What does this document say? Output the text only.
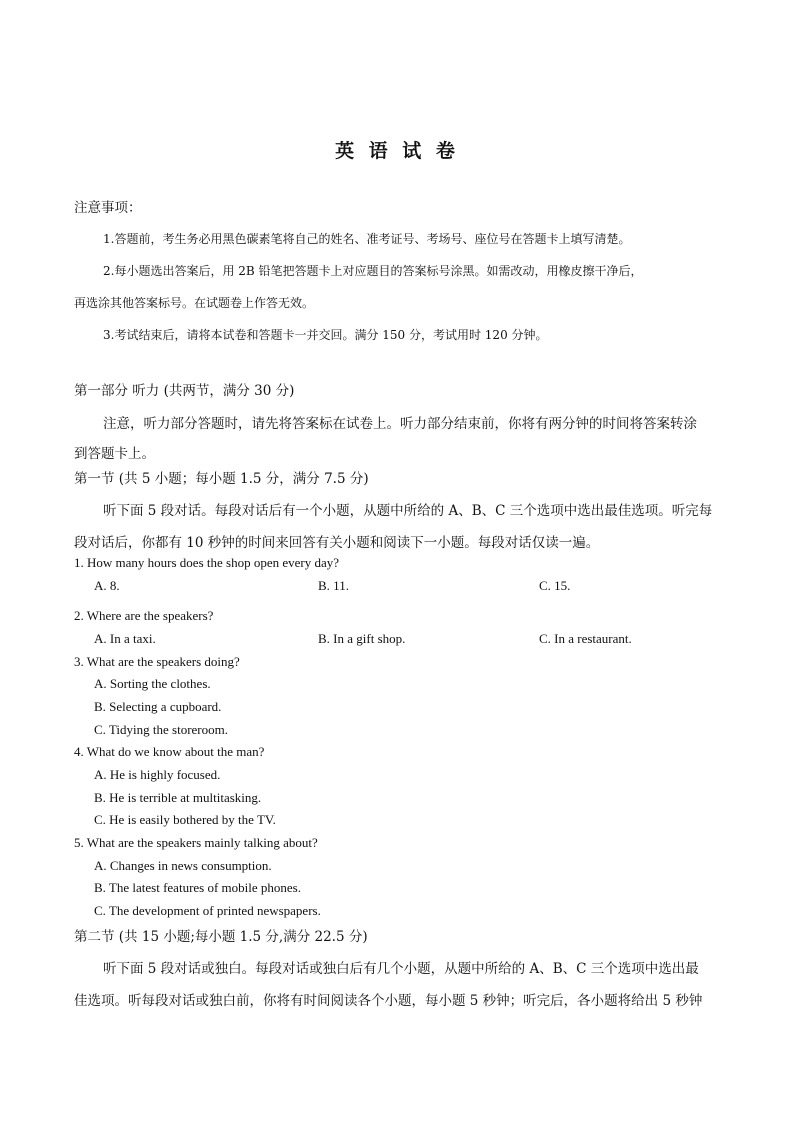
英 语 试 卷
注意事项：
1.答题前，考生务必用黑色碳素笔将自己的姓名、准考证号、考场号、座位号在答题卡上填写清楚。
2.每小题选出答案后，用 2B 铅笔把答题卡上对应题目的答案标号涂黑。如需改动，用橡皮擦干净后，
再选涂其他答案标号。在试题卷上作答无效。
3.考试结束后，请将本试卷和答题卡一并交回。满分 150 分，考试用时 120 分钟。
第一部分 听力 (共两节，满分 30 分)
注意，听力部分答题时，请先将答案标在试卷上。听力部分结束前，你将有两分钟的时间将答案转涂
到答题卡上。
第一节 (共 5 小题；每小题 1.5 分，满分 7.5 分)
听下面 5 段对话。每段对话后有一个小题，从题中所给的 A、B、C 三个选项中选出最佳选项。听完每
段对话后，你都有 10 秒钟的时间来回答有关小题和阅读下一小题。每段对话仅读一遍。
1. How many hours does the shop open every day?
A. 8.	B. 11.	C. 15.
2. Where are the speakers?
A. In a taxi.	B. In a gift shop.	C. In a restaurant.
3. What are the speakers doing?
A. Sorting the clothes.
B. Selecting a cupboard.
C. Tidying the storeroom.
4. What do we know about the man?
A. He is highly focused.
B. He is terrible at multitasking.
C. He is easily bothered by the TV.
5. What are the speakers mainly talking about?
A. Changes in news consumption.
B. The latest features of mobile phones.
C. The development of printed newspapers.
第二节 (共 15 小题;每小题 1.5 分,满分 22.5 分)
听下面 5 段对话或独白。每段对话或独白后有几个小题，从题中所给的 A、B、C 三个选项中选出最
佳选项。听每段对话或独白前，你将有时间阅读各个小题，每小题 5 秒钟；听完后，各小题将给出 5 秒钟
